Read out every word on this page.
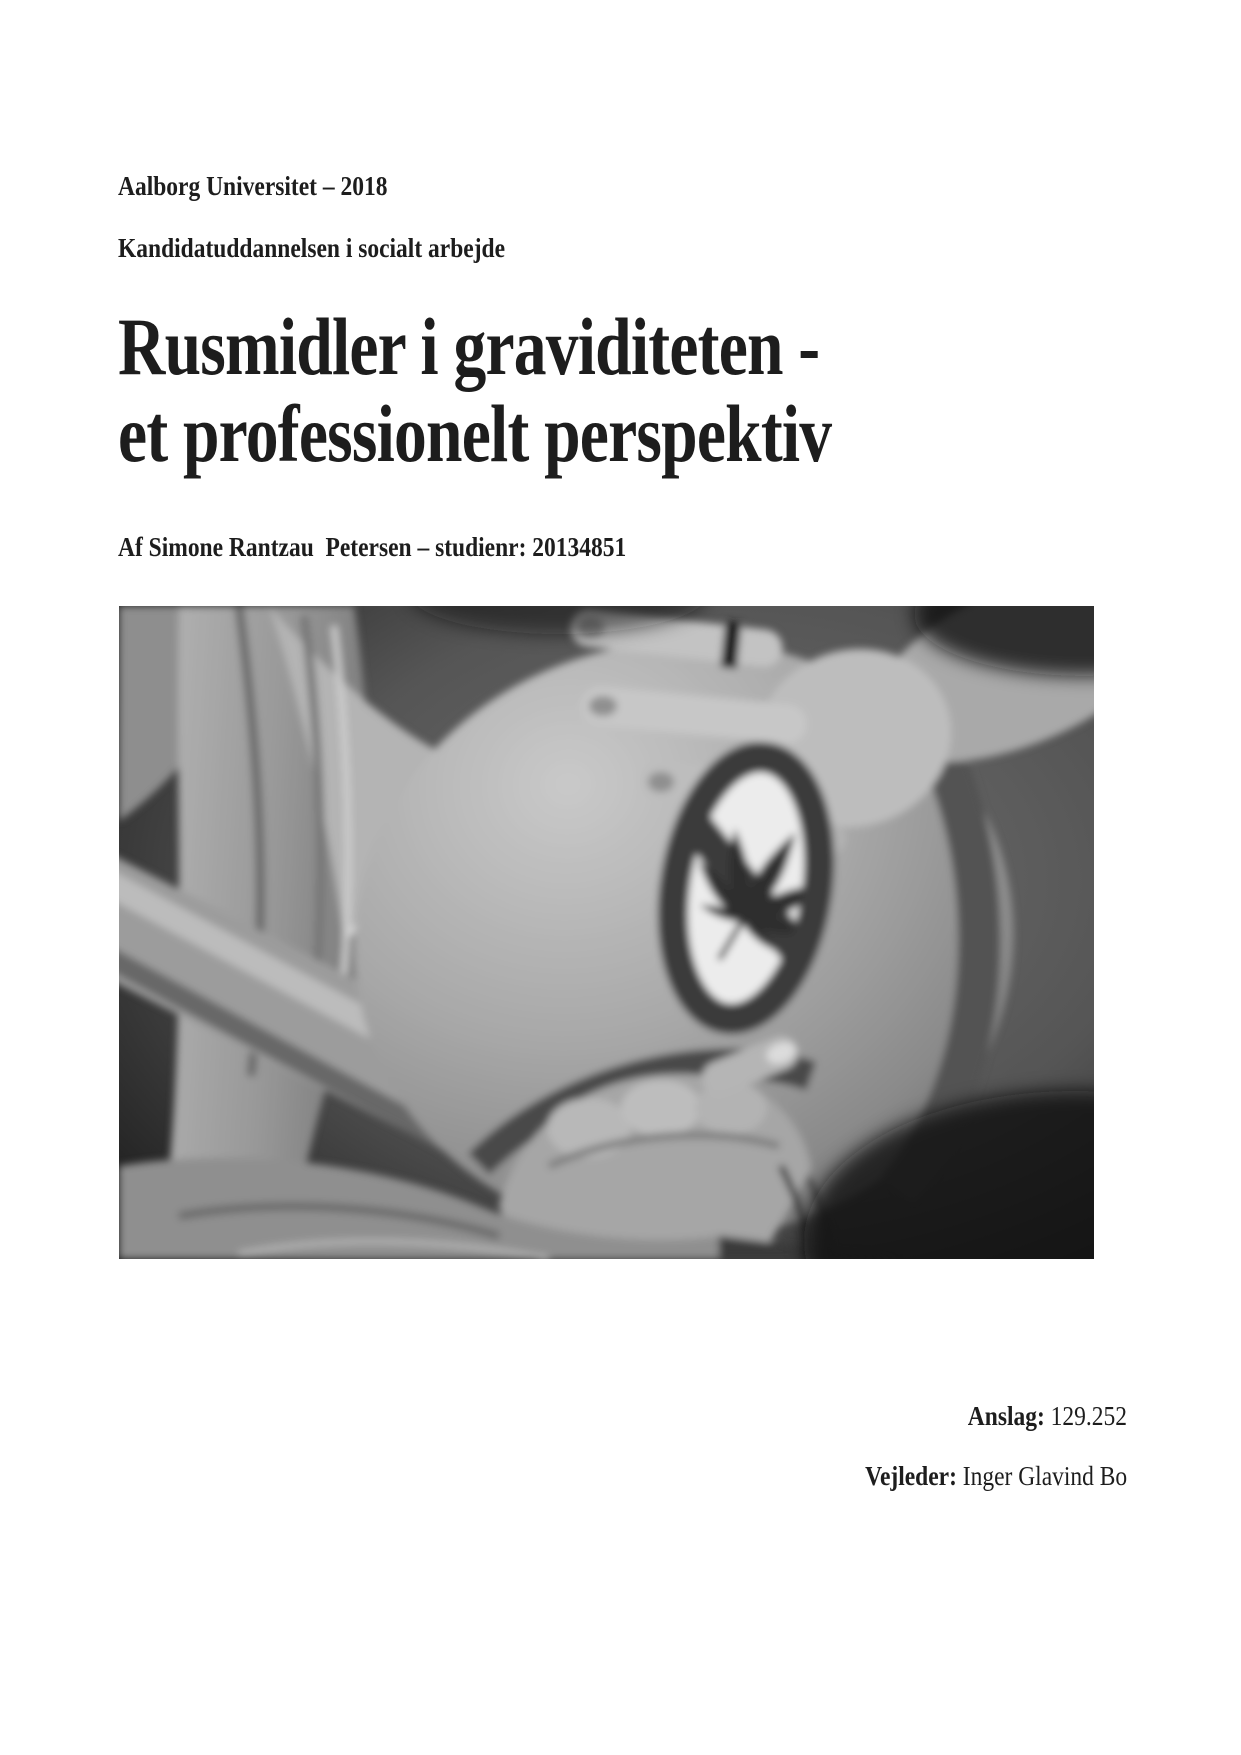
Aalborg Universitet – 2018

Kandidatuddannelsen i socialt arbejde

Rusmidler i graviditeten -
et professionelt perspektiv

Af Simone Rantzau  Petersen – studienr: 20134851

Anslag: 129.252

Vejleder: Inger Glavind Bo
